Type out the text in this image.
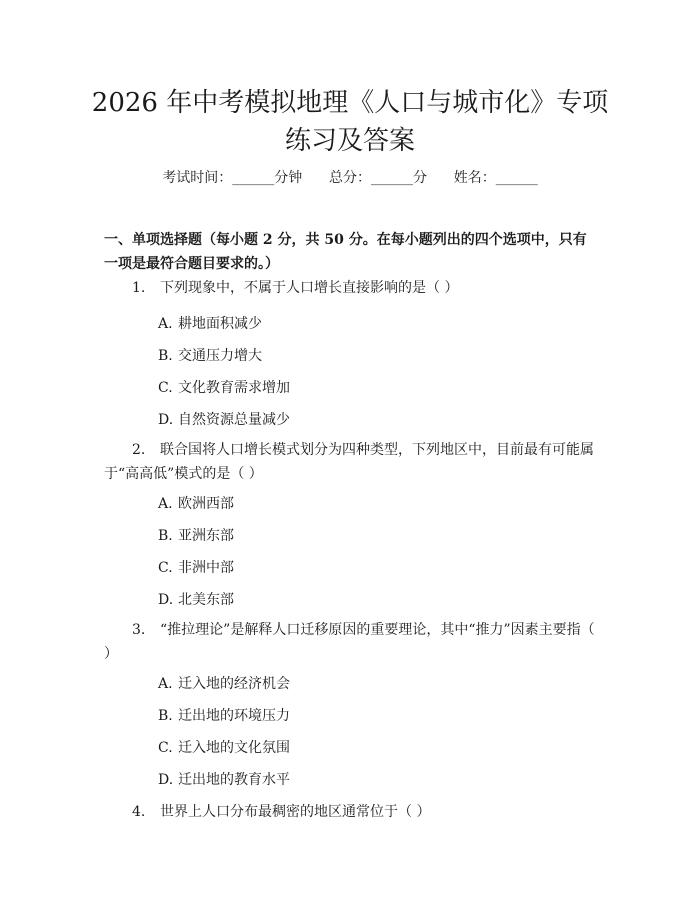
2026 年中考模拟地理《人口与城市化》专项
练习及答案
考试时间：______分钟      总分：______分      姓名：______

一、单项选择题（每小题 2 分，共 50 分。在每小题列出的四个选项中，只有一项是最符合题目要求的。）

1. 下列现象中，不属于人口增长直接影响的是（ ）
A. 耕地面积减少
B. 交通压力增大
C. 文化教育需求增加
D. 自然资源总量减少
2. 联合国将人口增长模式划分为四种类型，下列地区中，目前最有可能属于“高高低”模式的是（ ）
A. 欧洲西部
B. 亚洲东部
C. 非洲中部
D. 北美东部
3. “推拉理论”是解释人口迁移原因的重要理论，其中“推力”因素主要指（ ）
A. 迁入地的经济机会
B. 迁出地的环境压力
C. 迁入地的文化氛围
D. 迁出地的教育水平
4. 世界上人口分布最稠密的地区通常位于（ ）
